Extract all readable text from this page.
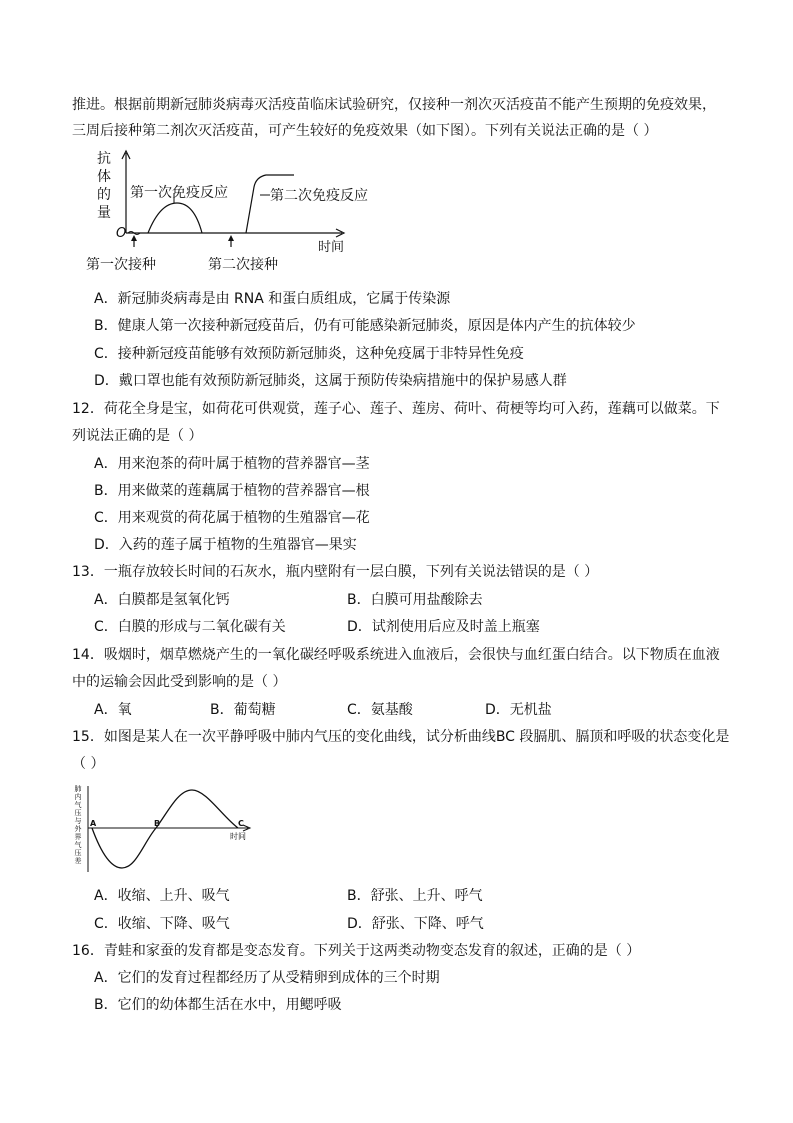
推进。根据前期新冠肺炎病毒灭活疫苗临床试验研究，仅接种一剂次灭活疫苗不能产生预期的免疫效果，
三周后接种第二剂次灭活疫苗，可产生较好的免疫效果（如下图）。下列有关说法正确的是（ ）
抗
体
的
量
O
时间
第一次免疫反应	第二次免疫反应
第一次接种	第二次接种
A．新冠肺炎病毒是由 RNA 和蛋白质组成，它属于传染源
B．健康人第一次接种新冠疫苗后，仍有可能感染新冠肺炎，原因是体内产生的抗体较少
C．接种新冠疫苗能够有效预防新冠肺炎，这种免疫属于非特异性免疫
D．戴口罩也能有效预防新冠肺炎，这属于预防传染病措施中的保护易感人群
12．荷花全身是宝，如荷花可供观赏，莲子心、莲子、莲房、荷叶、荷梗等均可入药，莲藕可以做菜。下
列说法正确的是（ ）
A．用来泡茶的荷叶属于植物的营养器官—茎
B．用来做菜的莲藕属于植物的营养器官—根
C．用来观赏的荷花属于植物的生殖器官—花
D．入药的莲子属于植物的生殖器官—果实
13．一瓶存放较长时间的石灰水，瓶内壁附有一层白膜，下列有关说法错误的是（ ）
A．白膜都是氢氧化钙	B．白膜可用盐酸除去
C．白膜的形成与二氧化碳有关	D．试剂使用后应及时盖上瓶塞
14．吸烟时，烟草燃烧产生的一氧化碳经呼吸系统进入血液后，会很快与血红蛋白结合。以下物质在血液
中的运输会因此受到影响的是（ ）
A．氧	B．葡萄糖	C．氨基酸	D．无机盐
15．如图是某人在一次平静呼吸中肺内气压的变化曲线，试分析曲线BC 段膈肌、膈顶和呼吸的状态变化是
（ ）
肺
内
气
压
与
外
界
气
压
差
A	B	C
时间
A．收缩、上升、吸气	B．舒张、上升、呼气
C．收缩、下降、吸气	D．舒张、下降、呼气
16．青蛙和家蚕的发育都是变态发育。下列关于这两类动物变态发育的叙述，正确的是（ ）
A．它们的发育过程都经历了从受精卵到成体的三个时期
B．它们的幼体都生活在水中，用鳃呼吸
